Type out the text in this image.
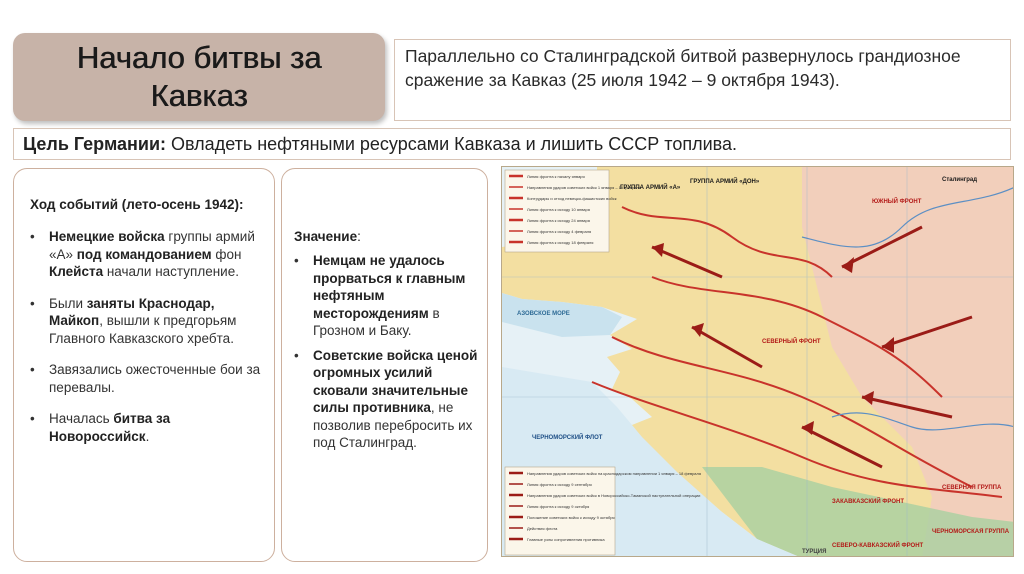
Начало битвы за Кавказ
Параллельно со Сталинградской битвой развернулось грандиозное сражение за Кавказ (25 июля 1942 – 9 октября 1943).
Цель Германии: Овладеть нефтяными ресурсами Кавказа и лишить СССР топлива.
Ход событий (лето-осень 1942):
• Немецкие войска группы армий «А» под командованием фон Клейста начали наступление.
• Были заняты Краснодар, Майкоп, вышли к предгорьям Главного Кавказского хребта.
• Завязались ожесточенные бои за перевалы.
• Началась битва за Новороссийск.
Значение:
• Немцам не удалось прорваться к главным нефтяным месторождениям в Грозном и Баку.
• Советские войска ценой огромных усилий сковали значительные силы противника, не позволив перебросить их под Сталинград.
Линия фронта к началу января
Направления ударов советских войск 1 января – 18 февраля
Контрудары и отход немецко-фашистских войск
Линия фронта к исходу 10 января
Линия фронта к исходу 24 января
Линия фронта к исходу 4 февраля
Линия фронта к исходу 18 февраля
Направления ударов советских войск на краснодарском направлении 1 января – 18 февраля
Линия фронта к исходу 9 сентября
Направления ударов советских войск в Новороссийско-Таманской наступательной операции
Линия фронта к исходу 9 октября
Положение советских войск к исходу 9 октября
Действия флота
Главные узлы сопротивления противника
АЗОВСКОЕ МОРЕ
ЧЕРНОМОРСКИЙ ФЛОТ
ЮЖНЫЙ ФРОНТ
СЕВЕРНЫЙ ФРОНТ
ЗАКАВКАЗСКИЙ ФРОНТ
СЕВЕРО-КАВКАЗСКИЙ ФРОНТ
ГРУППА АРМИЙ «А»
ГРУППА АРМИЙ «ДОН»	Сталинград
ТУРЦИЯ
СЕВЕРНАЯ ГРУППА
ЧЕРНОМОРСКАЯ ГРУППА
